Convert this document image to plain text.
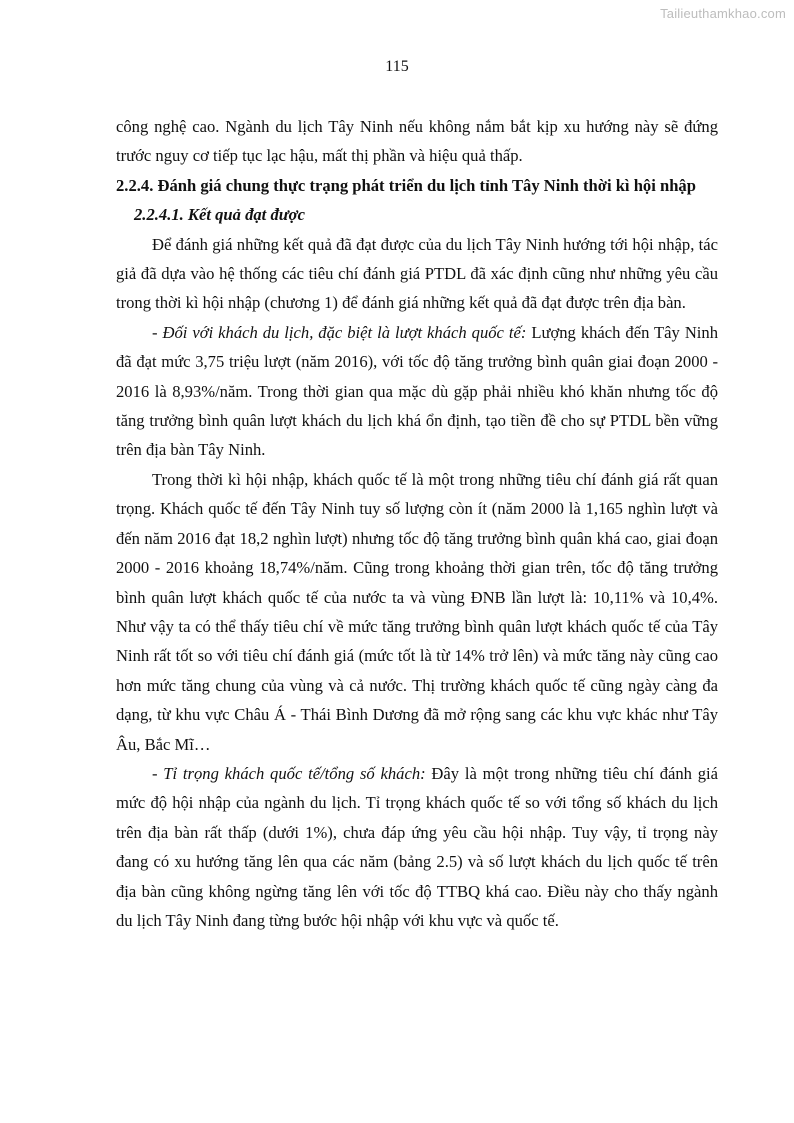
Tailieuthamkhao.com
115

công nghệ cao. Ngành du lịch Tây Ninh nếu không nắm bắt kịp xu hướng này sẽ đứng trước nguy cơ tiếp tục lạc hậu, mất thị phần và hiệu quả thấp.

2.2.4. Đánh giá chung thực trạng phát triển du lịch tỉnh Tây Ninh thời kì hội nhập

2.2.4.1. Kết quả đạt được

Để đánh giá những kết quả đã đạt được của du lịch Tây Ninh hướng tới hội nhập, tác giả đã dựa vào hệ thống các tiêu chí đánh giá PTDL đã xác định cũng như những yêu cầu trong thời kì hội nhập (chương 1) để đánh giá những kết quả đã đạt được trên địa bàn.

- Đối với khách du lịch, đặc biệt là lượt khách quốc tế: Lượng khách đến Tây Ninh đã đạt mức 3,75 triệu lượt (năm 2016), với tốc độ tăng trưởng bình quân giai đoạn 2000 - 2016 là 8,93%/năm. Trong thời gian qua mặc dù gặp phải nhiều khó khăn nhưng tốc độ tăng trưởng bình quân lượt khách du lịch khá ổn định, tạo tiền đề cho sự PTDL bền vững trên địa bàn Tây Ninh.

Trong thời kì hội nhập, khách quốc tế là một trong những tiêu chí đánh giá rất quan trọng. Khách quốc tế đến Tây Ninh tuy số lượng còn ít (năm 2000 là 1,165 nghìn lượt và đến năm 2016 đạt 18,2 nghìn lượt) nhưng tốc độ tăng trưởng bình quân khá cao, giai đoạn 2000 - 2016 khoảng 18,74%/năm. Cũng trong khoảng thời gian trên, tốc độ tăng trưởng bình quân lượt khách quốc tế của nước ta và vùng ĐNB lần lượt là: 10,11% và 10,4%. Như vậy ta có thể thấy tiêu chí về mức tăng trưởng bình quân lượt khách quốc tế của Tây Ninh rất tốt so với tiêu chí đánh giá (mức tốt là từ 14% trở lên) và mức tăng này cũng cao hơn mức tăng chung của vùng và cả nước. Thị trường khách quốc tế cũng ngày càng đa dạng, từ khu vực Châu Á - Thái Bình Dương đã mở rộng sang các khu vực khác như Tây Âu, Bắc Mĩ…

- Tỉ trọng khách quốc tế/tổng số khách: Đây là một trong những tiêu chí đánh giá mức độ hội nhập của ngành du lịch. Tỉ trọng khách quốc tế so với tổng số khách du lịch trên địa bàn rất thấp (dưới 1%), chưa đáp ứng yêu cầu hội nhập. Tuy vậy, tỉ trọng này đang có xu hướng tăng lên qua các năm (bảng 2.5) và số lượt khách du lịch quốc tế trên địa bàn cũng không ngừng tăng lên với tốc độ TTBQ khá cao. Điều này cho thấy ngành du lịch Tây Ninh đang từng bước hội nhập với khu vực và quốc tế.
